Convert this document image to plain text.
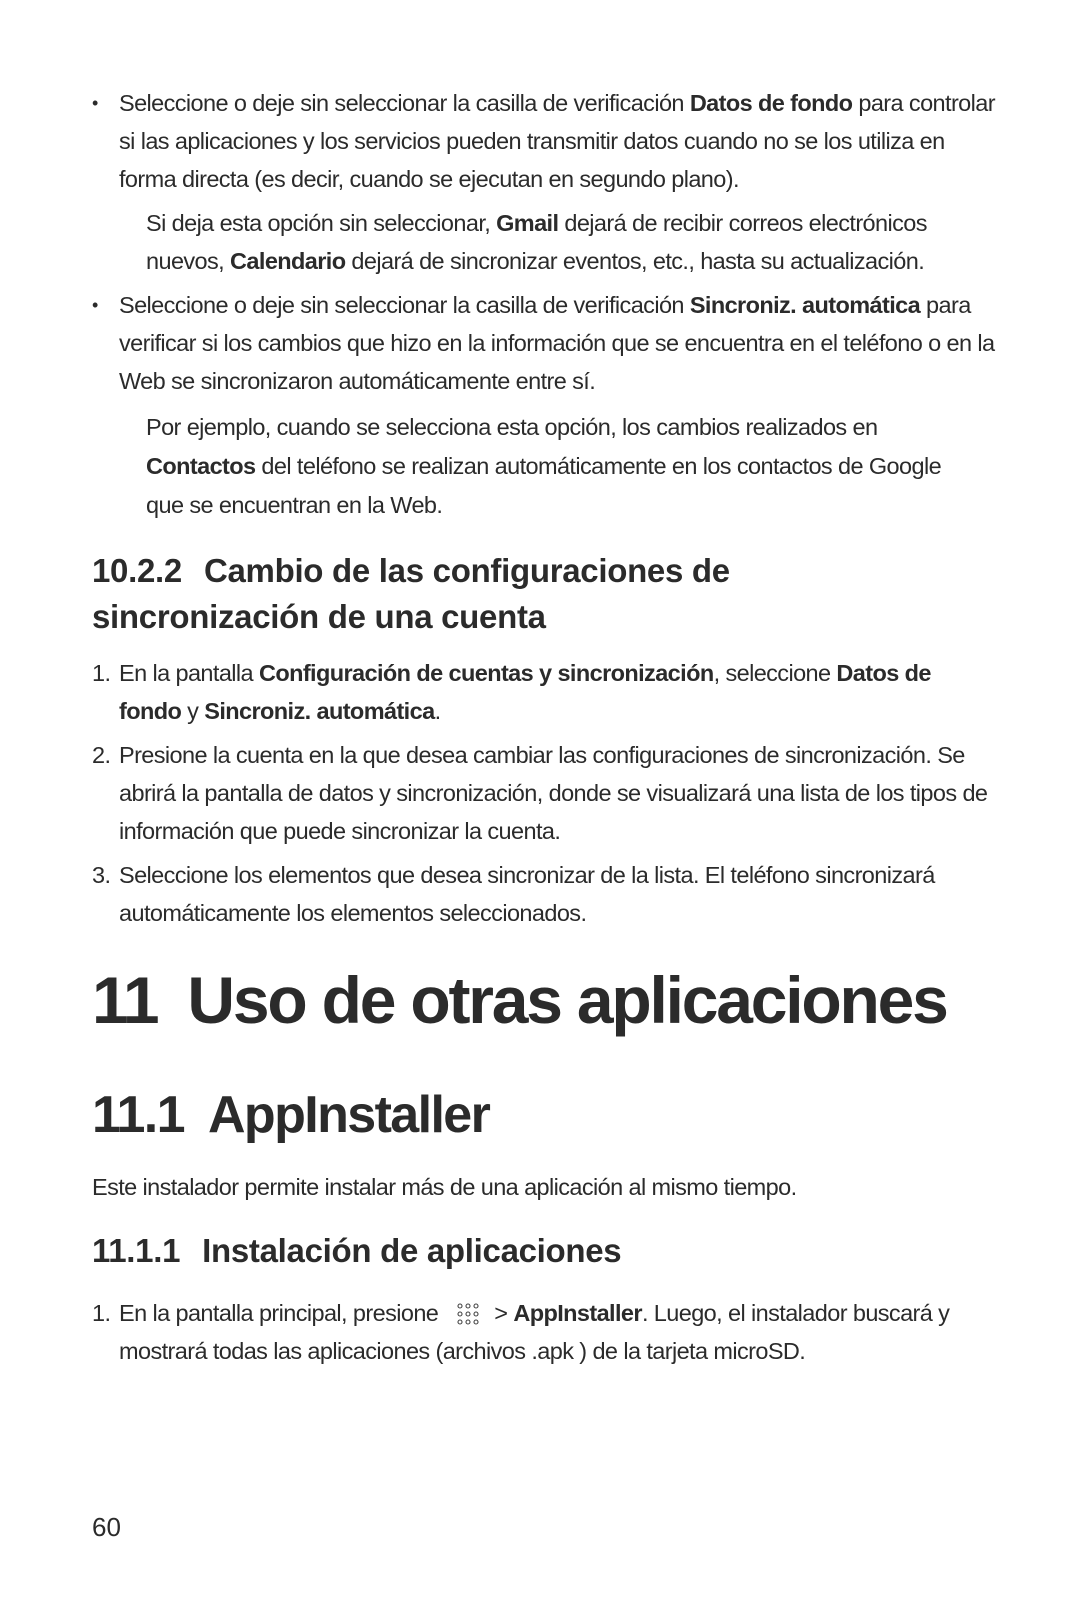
• Seleccione o deje sin seleccionar la casilla de verificación Datos de fondo para controlar si las aplicaciones y los servicios pueden transmitir datos cuando no se los utiliza en forma directa (es decir, cuando se ejecutan en segundo plano).

Si deja esta opción sin seleccionar, Gmail dejará de recibir correos electrónicos nuevos, Calendario dejará de sincronizar eventos, etc., hasta su actualización.

• Seleccione o deje sin seleccionar la casilla de verificación Sincroniz. automática para verificar si los cambios que hizo en la información que se encuentra en el teléfono o en la Web se sincronizaron automáticamente entre sí.

Por ejemplo, cuando se selecciona esta opción, los cambios realizados en Contactos del teléfono se realizan automáticamente en los contactos de Google que se encuentran en la Web.

10.2.2 Cambio de las configuraciones de sincronización de una cuenta

1. En la pantalla Configuración de cuentas y sincronización, seleccione Datos de fondo y Sincroniz. automática.

2. Presione la cuenta en la que desea cambiar las configuraciones de sincronización. Se abrirá la pantalla de datos y sincronización, donde se visualizará una lista de los tipos de información que puede sincronizar la cuenta.

3. Seleccione los elementos que desea sincronizar de la lista. El teléfono sincronizará automáticamente los elementos seleccionados.

11 Uso de otras aplicaciones
11.1 AppInstaller

Este instalador permite instalar más de una aplicación al mismo tiempo.

11.1.1 Instalación de aplicaciones

1. En la pantalla principal, presione > AppInstaller. Luego, el instalador buscará y mostrará todas las aplicaciones (archivos .apk ) de la tarjeta microSD.

60
